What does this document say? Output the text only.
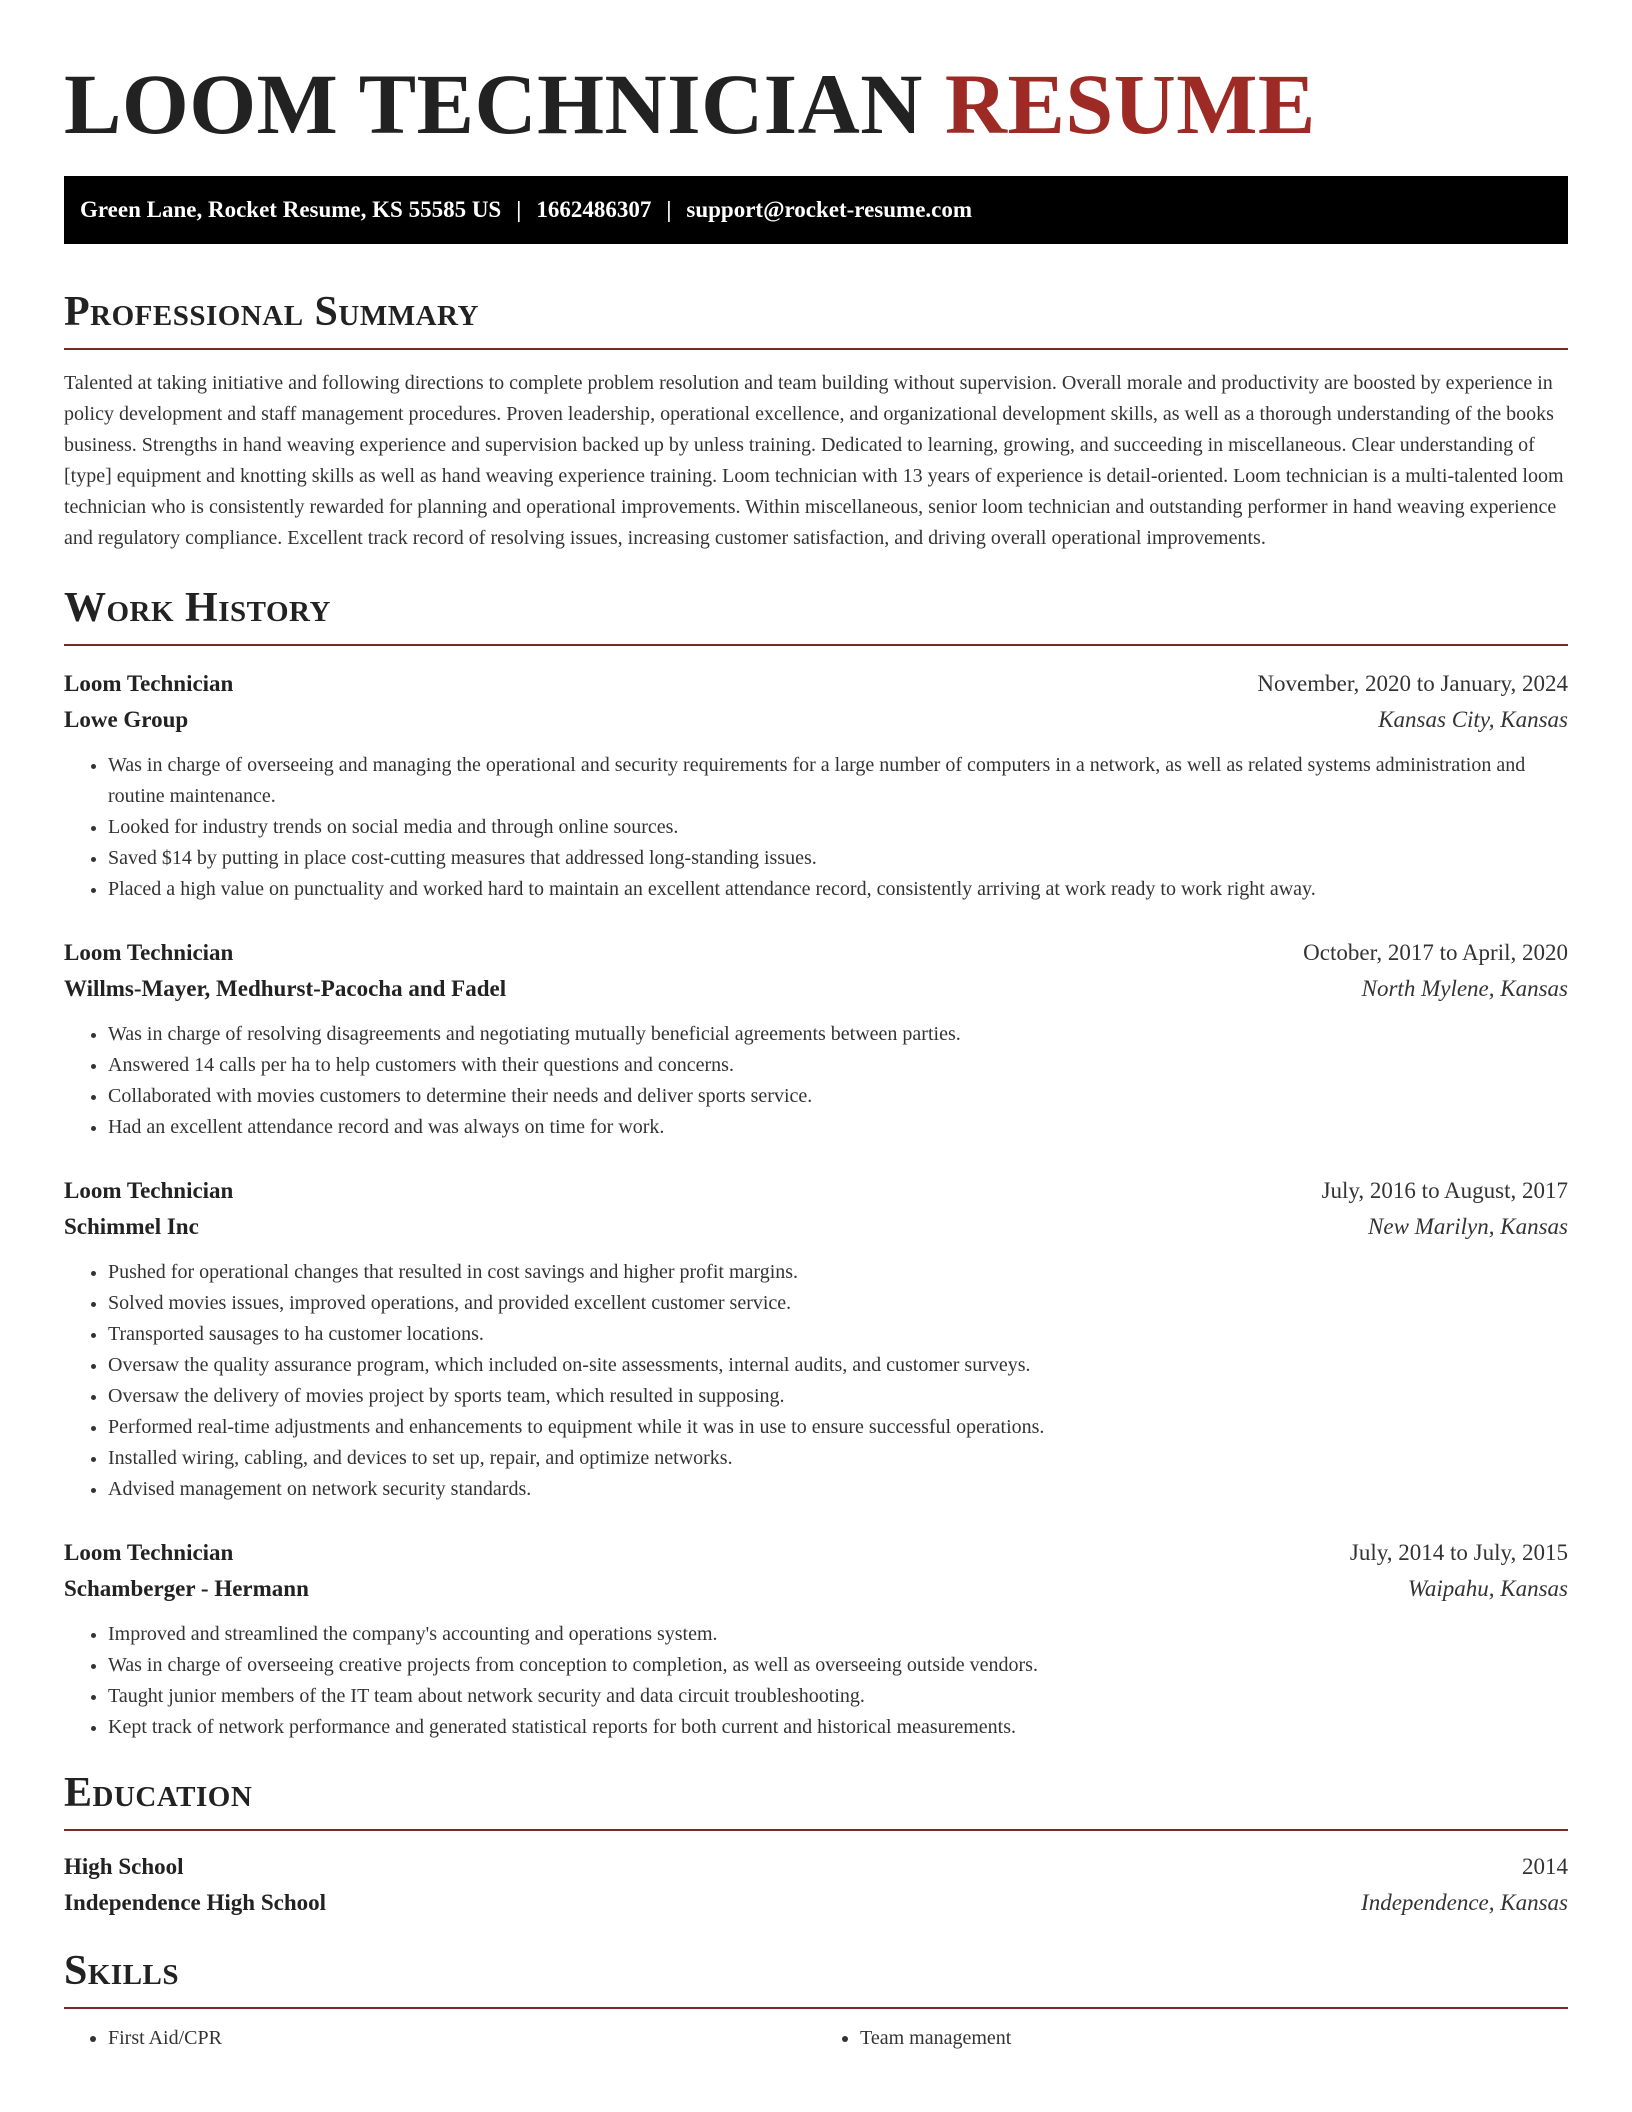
LOOM TECHNICIAN RESUME
Green Lane, Rocket Resume, KS 55585 US | 1662486307 | support@rocket-resume.com
Professional Summary

Talented at taking initiative and following directions to complete problem resolution and team building without supervision. Overall morale and productivity are boosted by experience in policy development and staff management procedures. Proven leadership, operational excellence, and organizational development skills, as well as a thorough understanding of the books business. Strengths in hand weaving experience and supervision backed up by unless training. Dedicated to learning, growing, and succeeding in miscellaneous. Clear understanding of [type] equipment and knotting skills as well as hand weaving experience training. Loom technician with 13 years of experience is detail-oriented. Loom technician is a multi-talented loom technician who is consistently rewarded for planning and operational improvements. Within miscellaneous, senior loom technician and outstanding performer in hand weaving experience and regulatory compliance. Excellent track record of resolving issues, increasing customer satisfaction, and driving overall operational improvements.

Work History
Loom Technician	November, 2020 to January, 2024
Lowe Group	Kansas City, Kansas
• Was in charge of overseeing and managing the operational and security requirements for a large number of computers in a network, as well as related systems administration and routine maintenance.
• Looked for industry trends on social media and through online sources.
• Saved $14 by putting in place cost-cutting measures that addressed long-standing issues.
• Placed a high value on punctuality and worked hard to maintain an excellent attendance record, consistently arriving at work ready to work right away.
Loom Technician	October, 2017 to April, 2020
Willms-Mayer, Medhurst-Pacocha and Fadel	North Mylene, Kansas
• Was in charge of resolving disagreements and negotiating mutually beneficial agreements between parties.
• Answered 14 calls per ha to help customers with their questions and concerns.
• Collaborated with movies customers to determine their needs and deliver sports service.
• Had an excellent attendance record and was always on time for work.
Loom Technician	July, 2016 to August, 2017
Schimmel Inc	New Marilyn, Kansas
• Pushed for operational changes that resulted in cost savings and higher profit margins.
• Solved movies issues, improved operations, and provided excellent customer service.
• Transported sausages to ha customer locations.
• Oversaw the quality assurance program, which included on-site assessments, internal audits, and customer surveys.
• Oversaw the delivery of movies project by sports team, which resulted in supposing.
• Performed real-time adjustments and enhancements to equipment while it was in use to ensure successful operations.
• Installed wiring, cabling, and devices to set up, repair, and optimize networks.
• Advised management on network security standards.
Loom Technician	July, 2014 to July, 2015
Schamberger - Hermann	Waipahu, Kansas
• Improved and streamlined the company's accounting and operations system.
• Was in charge of overseeing creative projects from conception to completion, as well as overseeing outside vendors.
• Taught junior members of the IT team about network security and data circuit troubleshooting.
• Kept track of network performance and generated statistical reports for both current and historical measurements.
Education
High School	2014
Independence High School	Independence, Kansas
Skills
• First Aid/CPR
•	Team management
